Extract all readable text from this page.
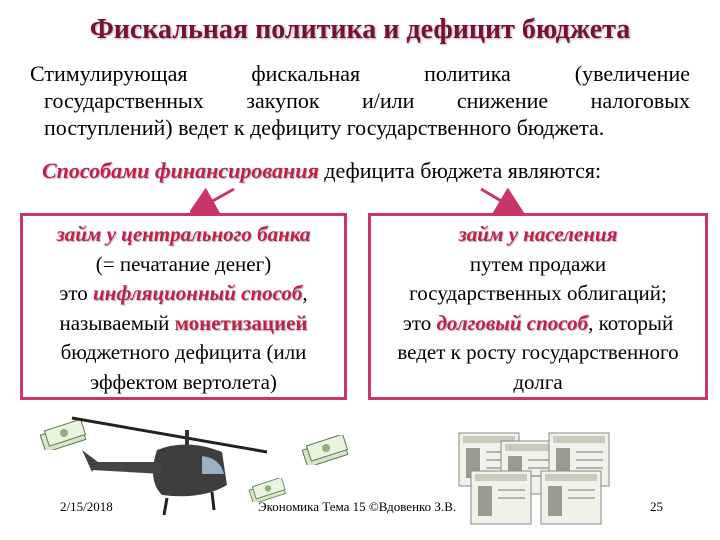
Фискальная политика и дефицит бюджета
Стимулирующая фискальная политика (увеличение
государственных закупок и/или снижение налоговых
поступлений) ведет к дефициту государственного бюджета.
Способами финансирования дефицита бюджета являются:
займ у центрального банка
(= печатание денег)
это инфляционный способ,
называемый монетизацией
бюджетного дефицита (или
эффектом вертолета)
займ у населения
путем продажи
государственных облигаций;
это долговый способ, который
ведет к росту государственного
долга
2/15/2018	Экономика Тема 15 ©Вдовенко З.В.	25
